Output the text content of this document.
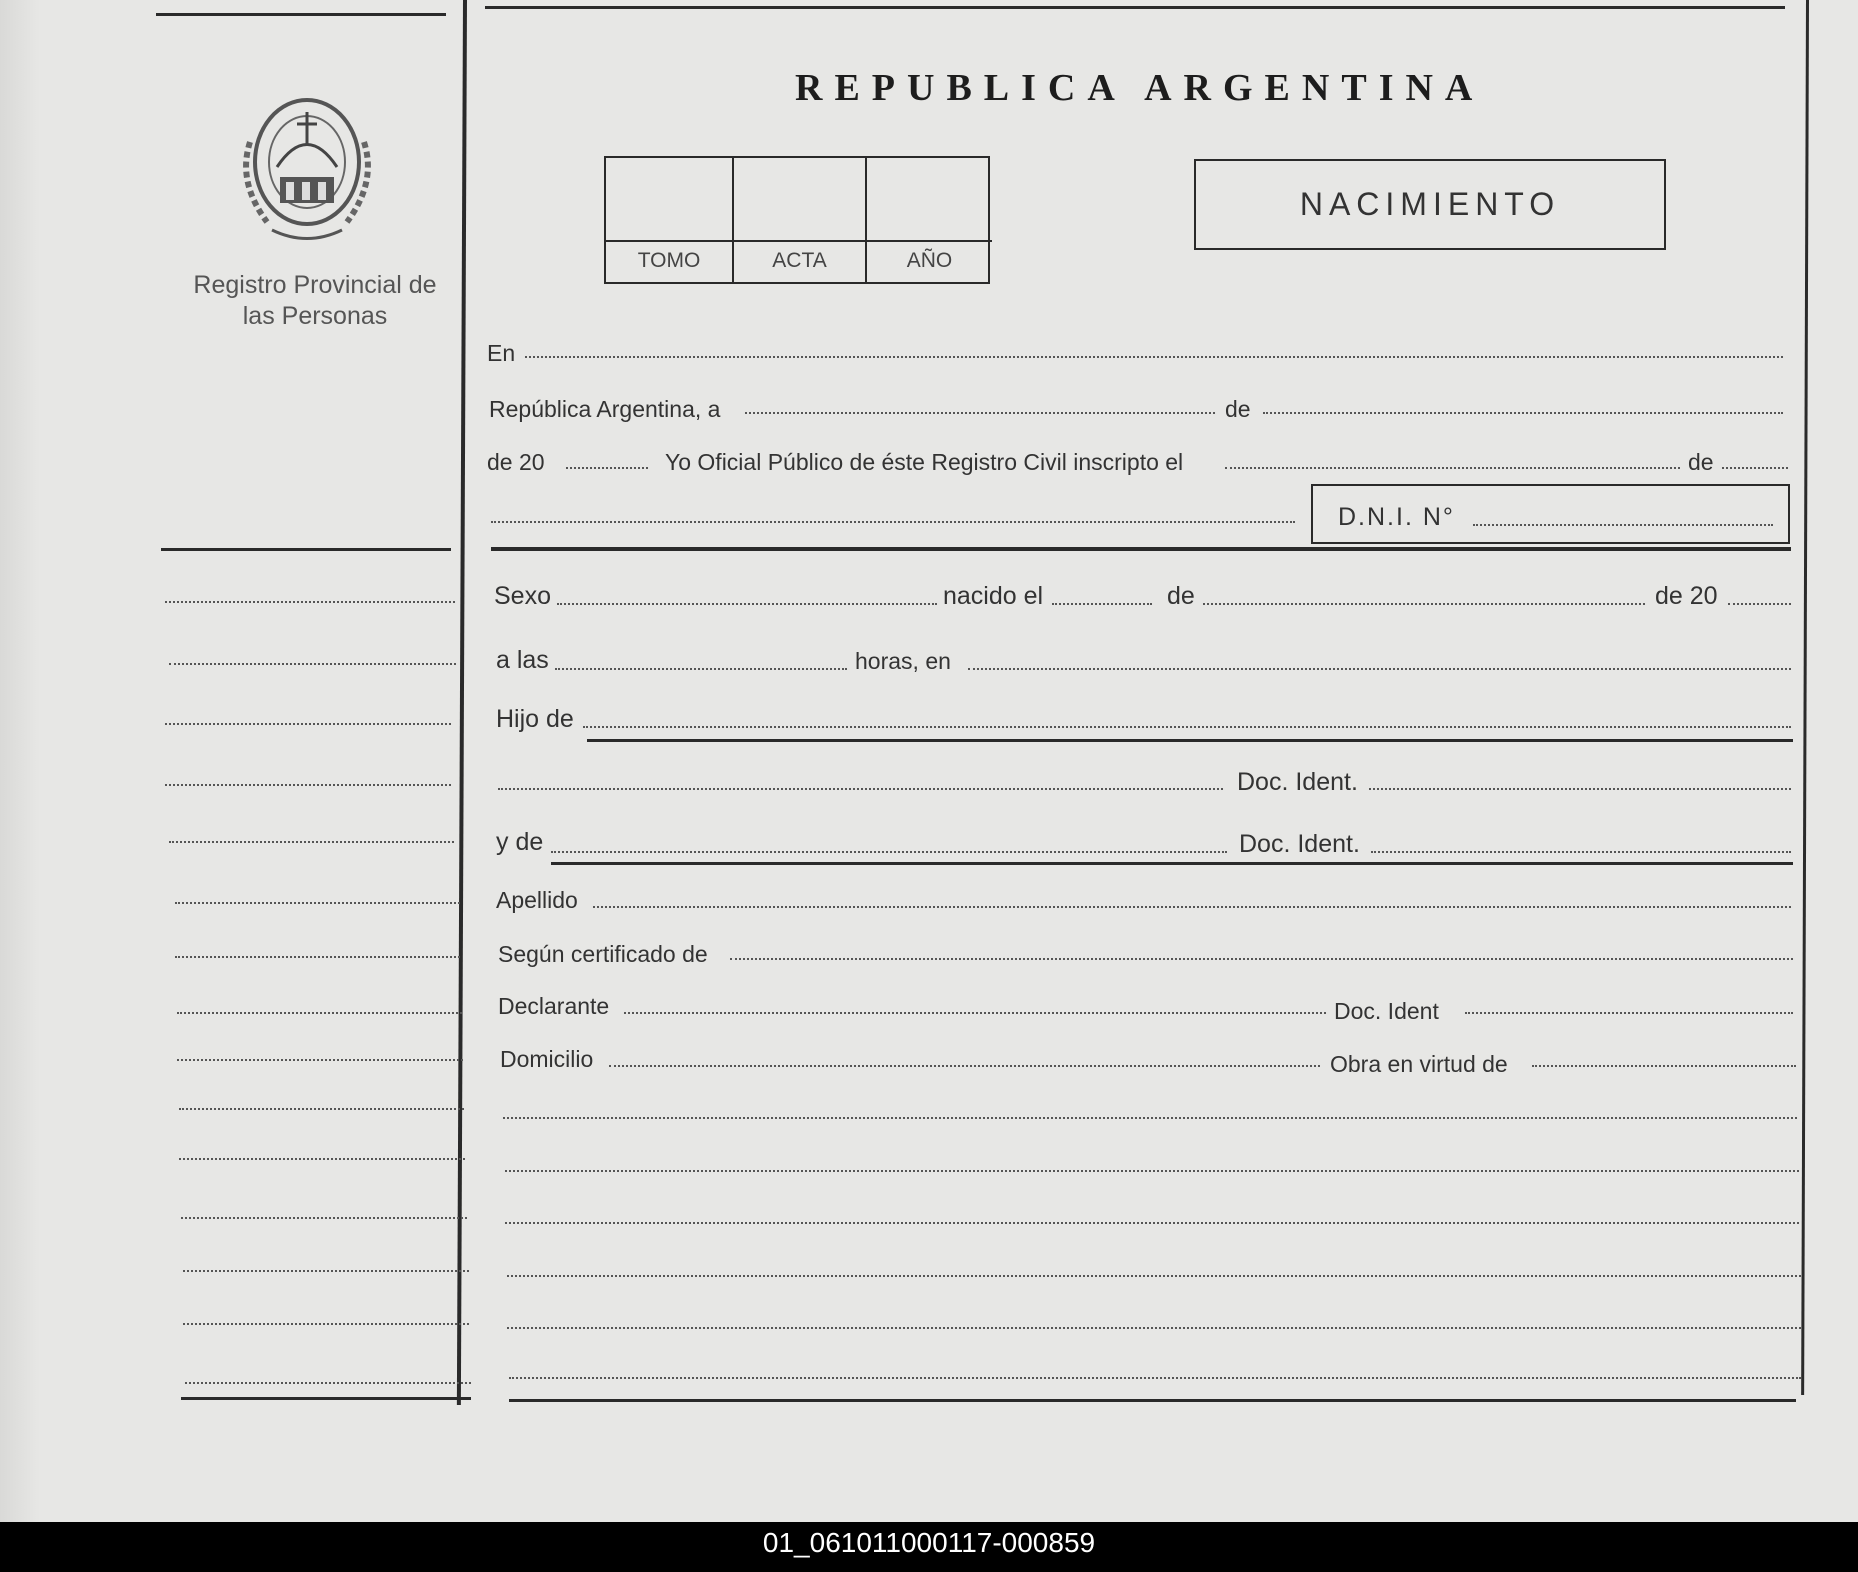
Registro Provincial de las Personas
REPUBLICA ARGENTINA
TOMO	ACTA	AÑO
NACIMIENTO
En
República Argentina, a	de
de 20	Yo Oficial Público de éste Registro Civil inscripto el	de
D.N.I. N°
Sexo	nacido el	de	de 20
a las	horas, en
Hijo de
Doc. Ident.
y de	Doc. Ident.
Apellido
Según certificado de
Declarante	Doc. Ident
Domicilio	Obra en virtud de
01_061011000117-000859
